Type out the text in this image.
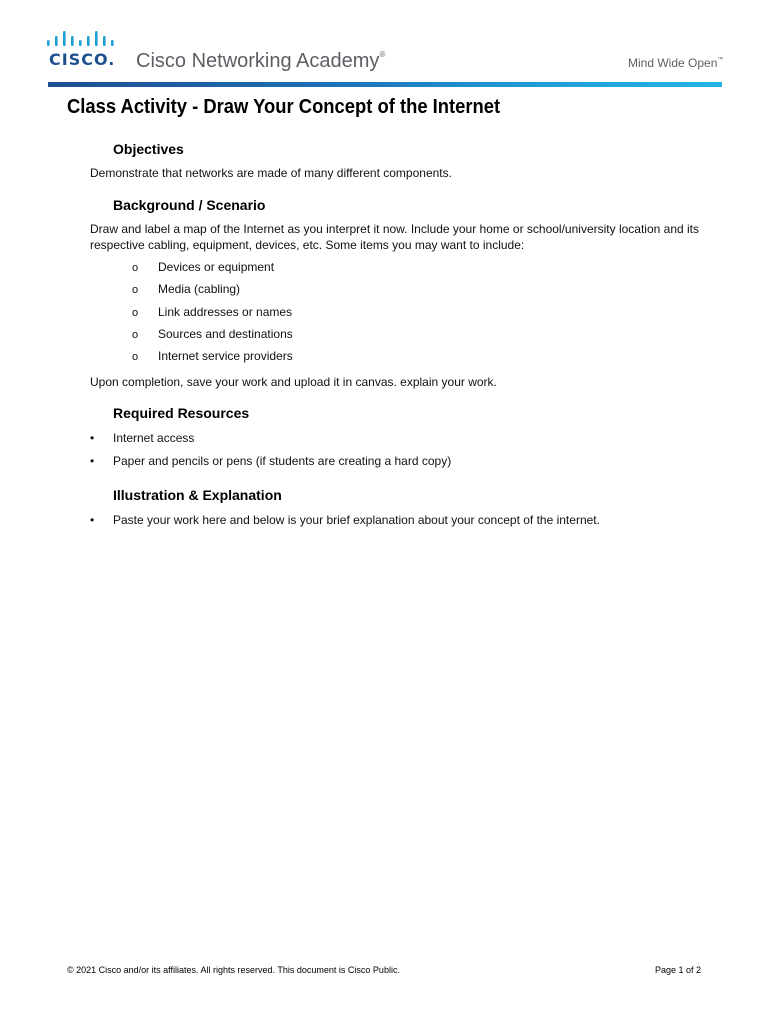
CISCO. Cisco Networking Academy®
Mind Wide Open™
Class Activity - Draw Your Concept of the Internet
Objectives

Demonstrate that networks are made of many different components.

Background / Scenario

Draw and label a map of the Internet as you interpret it now. Include your home or school/university location and its respective cabling, equipment, devices, etc. Some items you may want to include:

o Devices or equipment
o Media (cabling)
o Link addresses or names
o Sources and destinations
o Internet service providers

Upon completion, save your work and upload it in canvas. explain your work.

Required Resources
• Internet access
• Paper and pencils or pens (if students are creating a hard copy)
Illustration & Explanation
• Paste your work here and below is your brief explanation about your concept of the internet.
© 2021 Cisco and/or its affiliates. All rights reserved. This document is Cisco Public.	Page 1 of 2
